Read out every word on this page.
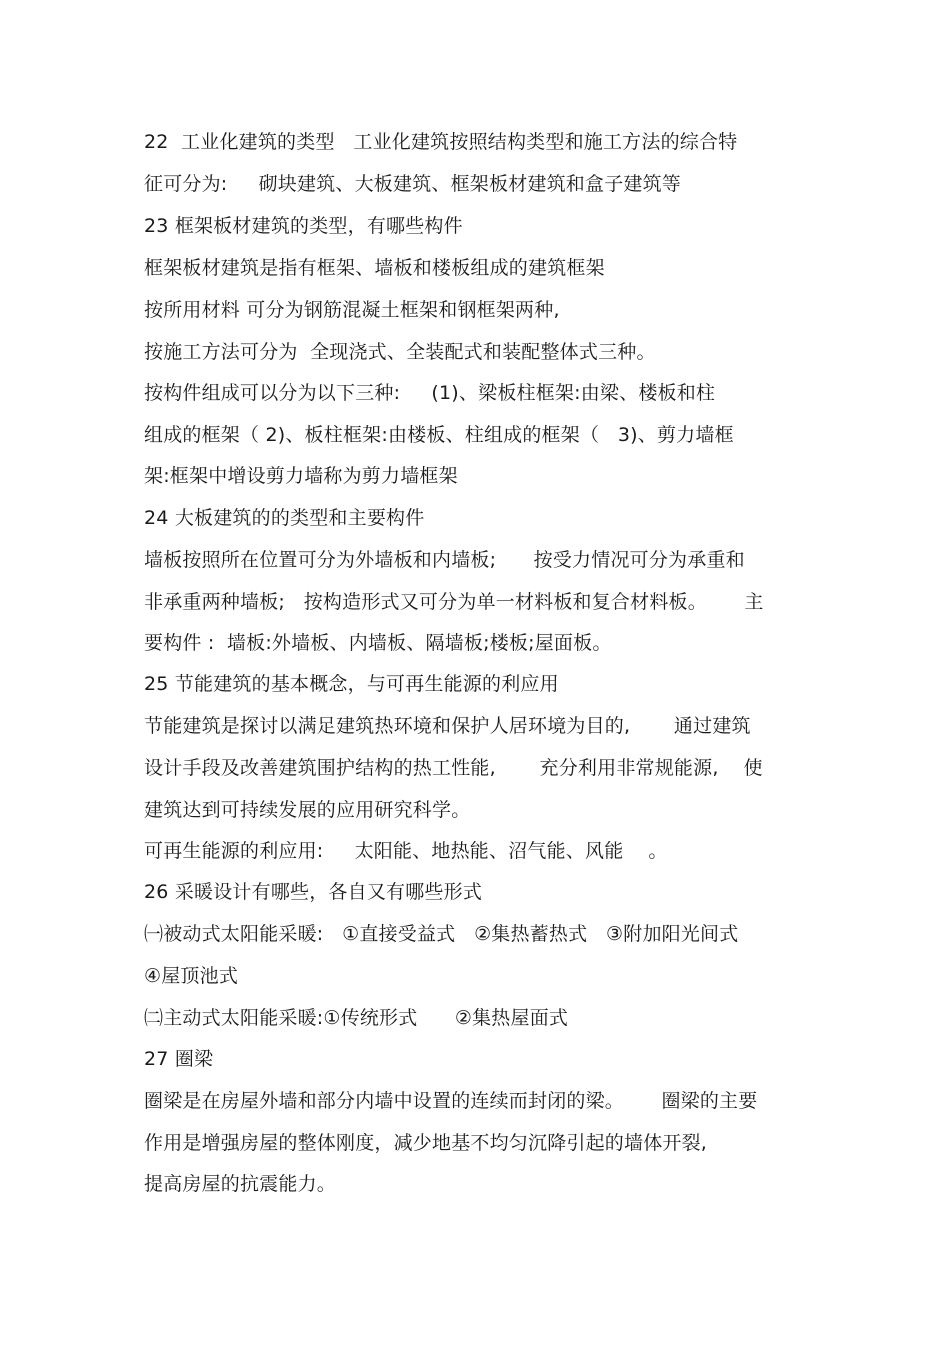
22  工业化建筑的类型   工业化建筑按照结构类型和施工方法的综合特

征可分为:     砌块建筑、大板建筑、框架板材建筑和盒子建筑等

23 框架板材建筑的类型，有哪些构件

框架板材建筑是指有框架、墙板和楼板组成的建筑框架

按所用材料 可分为钢筋混凝土框架和钢框架两种,

按施工方法可分为  全现浇式、全装配式和装配整体式三种。

按构件组成可以分为以下三种:     (1)、梁板柱框架:由梁、楼板和柱

组成的框架（ 2)、板柱框架:由楼板、柱组成的框架（   3)、剪力墙框

架:框架中增设剪力墙称为剪力墙框架

24 大板建筑的的类型和主要构件

墙板按照所在位置可分为外墙板和内墙板;      按受力情况可分为承重和

非承重两种墙板;   按构造形式又可分为单一材料板和复合材料板。      主

要构件 :  墙板:外墙板、内墙板、隔墙板;楼板;屋面板。

25 节能建筑的基本概念，与可再生能源的利应用

节能建筑是探讨以满足建筑热环境和保护人居环境为目的,       通过建筑

设计手段及改善建筑围护结构的热工性能,       充分利用非常规能源,    使

建筑达到可持续发展的应用研究科学。

可再生能源的利应用:     太阳能、地热能、沼气能、风能    。

26 采暖设计有哪些，各自又有哪些形式

㈠被动式太阳能采暖:   ①直接受益式   ②集热蓄热式   ③附加阳光间式

④屋顶池式

㈡主动式太阳能采暖:①传统形式      ②集热屋面式

27 圈梁

圈梁是在房屋外墙和部分内墙中设置的连续而封闭的梁。      圈梁的主要

作用是增强房屋的整体刚度，减少地基不均匀沉降引起的墙体开裂,

提高房屋的抗震能力。
